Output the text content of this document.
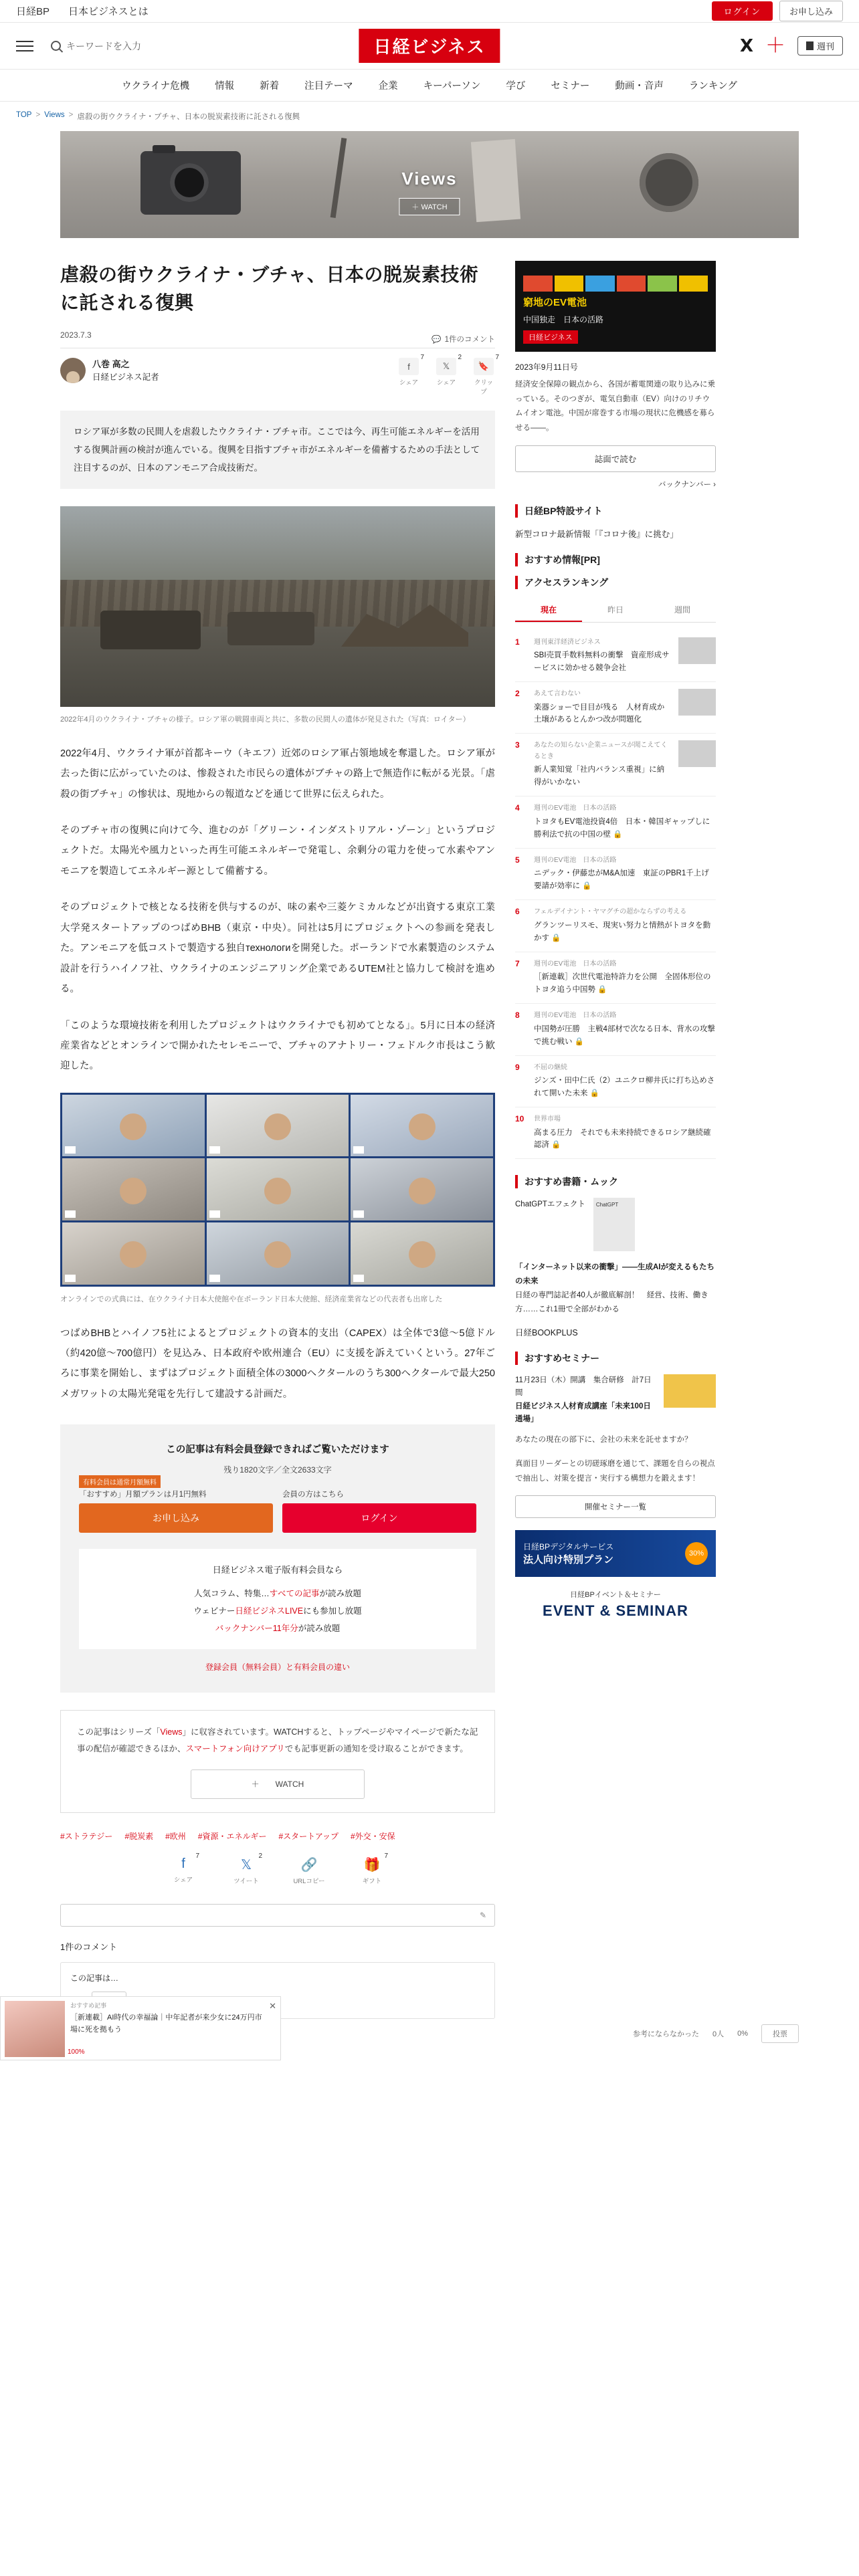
日経BP 日本ビジネスとは	ログイン	お申し込み
キーワードを入力	日経ビジネス	X ＋	週刊
ウクライナ危機	情報	新着	注目テーマ	企業	キーパーソン	学び	セミナー	動画・音声	ランキング
TOP > Views > 虐殺の街ウクライナ・ブチャ、日本の脱炭素技術に託される復興
Views
＋ WATCH
虐殺の街ウクライナ・ブチャ、日本の脱炭素技術に託される復興
2023.7.3	💬 1件のコメント
八巻 高之
日経ビジネス記者
7
f
シェア
2
𝕏
シェア
7
🔖
クリップ
ロシア軍が多数の民間人を虐殺したウクライナ・ブチャ市。ここでは今、再生可能エネルギーを活用する復興計画の検討が進んでいる。復興を目指すブチャ市がエネルギーを備蓄するための手法として注目するのが、日本のアンモニア合成技術だ。
2022年4月のウクライナ・ブチャの様子。ロシア軍の戦闘車両と共に、多数の民間人の遺体が発見された（写真：ロイター）

2022年4月、ウクライナ軍が首都キーウ（キエフ）近郊のロシア軍占領地域を奪還した。ロシア軍が去った街に広がっていたのは、惨殺された市民らの遺体がブチャの路上で無造作に転がる光景。「虐殺の街ブチャ」の惨状は、現地からの報道などを通じて世界に伝えられた。

そのブチャ市の復興に向けて今、進むのが「グリーン・インダストリアル・ゾーン」というプロジェクトだ。太陽光や風力といった再生可能エネルギーで発電し、余剰分の電力を使って水素やアンモニアを製造してエネルギー源として備蓄する。

そのプロジェクトで核となる技術を供与するのが、味の素や三菱ケミカルなどが出資する東京工業大学発スタートアップのつばめBHB（東京・中央）。同社は5月にプロジェクトへの参画を発表した。アンモニアを低コストで製造する独自технологиを開発した。ポーランドで水素製造のシステム設計を行うハイノフ社、ウクライナのエンジニアリング企業であるUTEM社と協力して検討を進める。

「このような環境技術を利用したプロジェクトはウクライナでも初めてとなる」。5月に日本の経済産業省などとオンラインで開かれたセレモニーで、ブチャのアナトリー・フェドルク市長はこう歓迎した。

オンラインでの式典には、在ウクライナ日本大使館や在ポーランド日本大使館、経済産業省などの代表者も出席した

つばめBHBとハイノフ5社によるとプロジェクトの資本的支出（CAPEX）は全体で3億〜5億ドル（約420億〜700億円）を見込み、日本政府や欧州連合（EU）に支援を訴えていくという。27年ごろに事業を開始し、まずはプロジェクト面積全体の3000ヘクタールのうち300ヘクタールで最大250メガワットの太陽光発電を先行して建設する計画だ。

この記事は有料会員登録できればご覧いただけます
残り1820文字／全文2633文字
有料会員は通常月額無料
「おすすめ」月額プランは月1円無料
お申し込み
会員の方はこちら
ログイン
日経ビジネス電子版有料会員なら
人気コラム、特集…すべての記事が読み放題
ウェビナー日経ビジネスLIVEにも参加し放題
バックナンバー11年分が読み放題
登録会員（無料会員）と有料会員の違い
この記事はシリーズ「Views」に収容されています。WATCHすると、トップページやマイページで新たな記事の配信が確認できるほか、スマートフォン向けアプリでも記事更新の通知を受け取ることができます。
＋　　WATCH
#ストラテジー #脱炭素 #欧州 #資源・エネルギー #スタートアップ #外交・安保
7
f
シェア
2
𝕏
ツイート
🔗
URLコピー
7
🎁
ギフト
✎
1件のコメント
この記事は…
窮地のEV電池
中国独走　日本の活路
日経ビジネス
2023年9月11日号
経済安全保障の観点から、各国が蓄電関連の取り込みに乗っている。そのつぎが、電気自動車（EV）向けのリチウムイオン電池。中国が席巻する市場の現状に危機感を募らせる――。
誌面で読む
バックナンバー ›
日経BP特設サイト
新型コロナ最新情報「『コロナ後』に挑む」
おすすめ情報[PR]
アクセスランキング
現在	昨日	週間
1	週刊東洋経済ビジネス
SBI売買手数料無料の衝撃　資産形成サービスに効かせる競争会社
2	あえて言わない
楽器ショーで目目が残る　人材育成か　土壌があるとんかつ改が問題化
3	あなたの知らない企業ニュースが聞こえてくるとき
新人業知覚「社内バランス重視」に納得がいかない
4	週刊のEV電池　日本の活路
トヨタもEV電池投資4倍　日本・韓国ギャップしに勝利法で抗の中国の壁 🔒
5	週刊のEV電池　日本の活路
ニデック・伊藤忠がM&A加速　東証のPBR1千上げ要請が効率に 🔒
6	フェルデイナント・ヤマグチの超かならずの考える
グランツーリスモ、現実い努力と情熱がトヨタを動かす 🔒
7	週刊のEV電池　日本の活路
［新連載］次世代電池特許力を公開　全固体形位のトヨタ追う中国勢 🔒
8	週刊のEV電池　日本の活路
中国勢が圧勝　主戦4部材で次なる日本、背水の攻撃で挑む戦い 🔒
9	不屈の継続
ジンズ・田中仁氏（2）ユニクロ柳井氏に打ち込めされて開いた未来 🔒
10	世界市場
高まる圧力　それでも未来持続できるロシア継続確認済 🔒
おすすめ書籍・ムック
ChatGPTエフェクト ChatGPT
「インターネット以来の衝撃」——生成AIが変えるもたちの未来
日経の専門誌記者40人が徹底解剖！　経営、技術、働き方……これ1冊で全部がわかる
日経BOOKPLUS
おすすめセミナー
11月23日（木）開講　集合研修　計7日間
日経ビジネス人材育成講座「未来100日通場」
あなたの現在の部下に、会社の未来を託せますか？
真面目リーダーとの切磋琢磨を通じて、課題を自らの視点で抽出し、対策を提言・実行する構想力を鍛えます！
開催セミナー一覧
日経BPデジタルサービス
法人向け特別プラン
30%
日経BPイベント＆セミナー
EVENT & SEMINAR
参考にならなかった 0人 0%	投票
おすすめ記事
［新連載］AI時代の幸福論｜中年記者が来少女に24万円市場に死を拠もう
✕
100%
